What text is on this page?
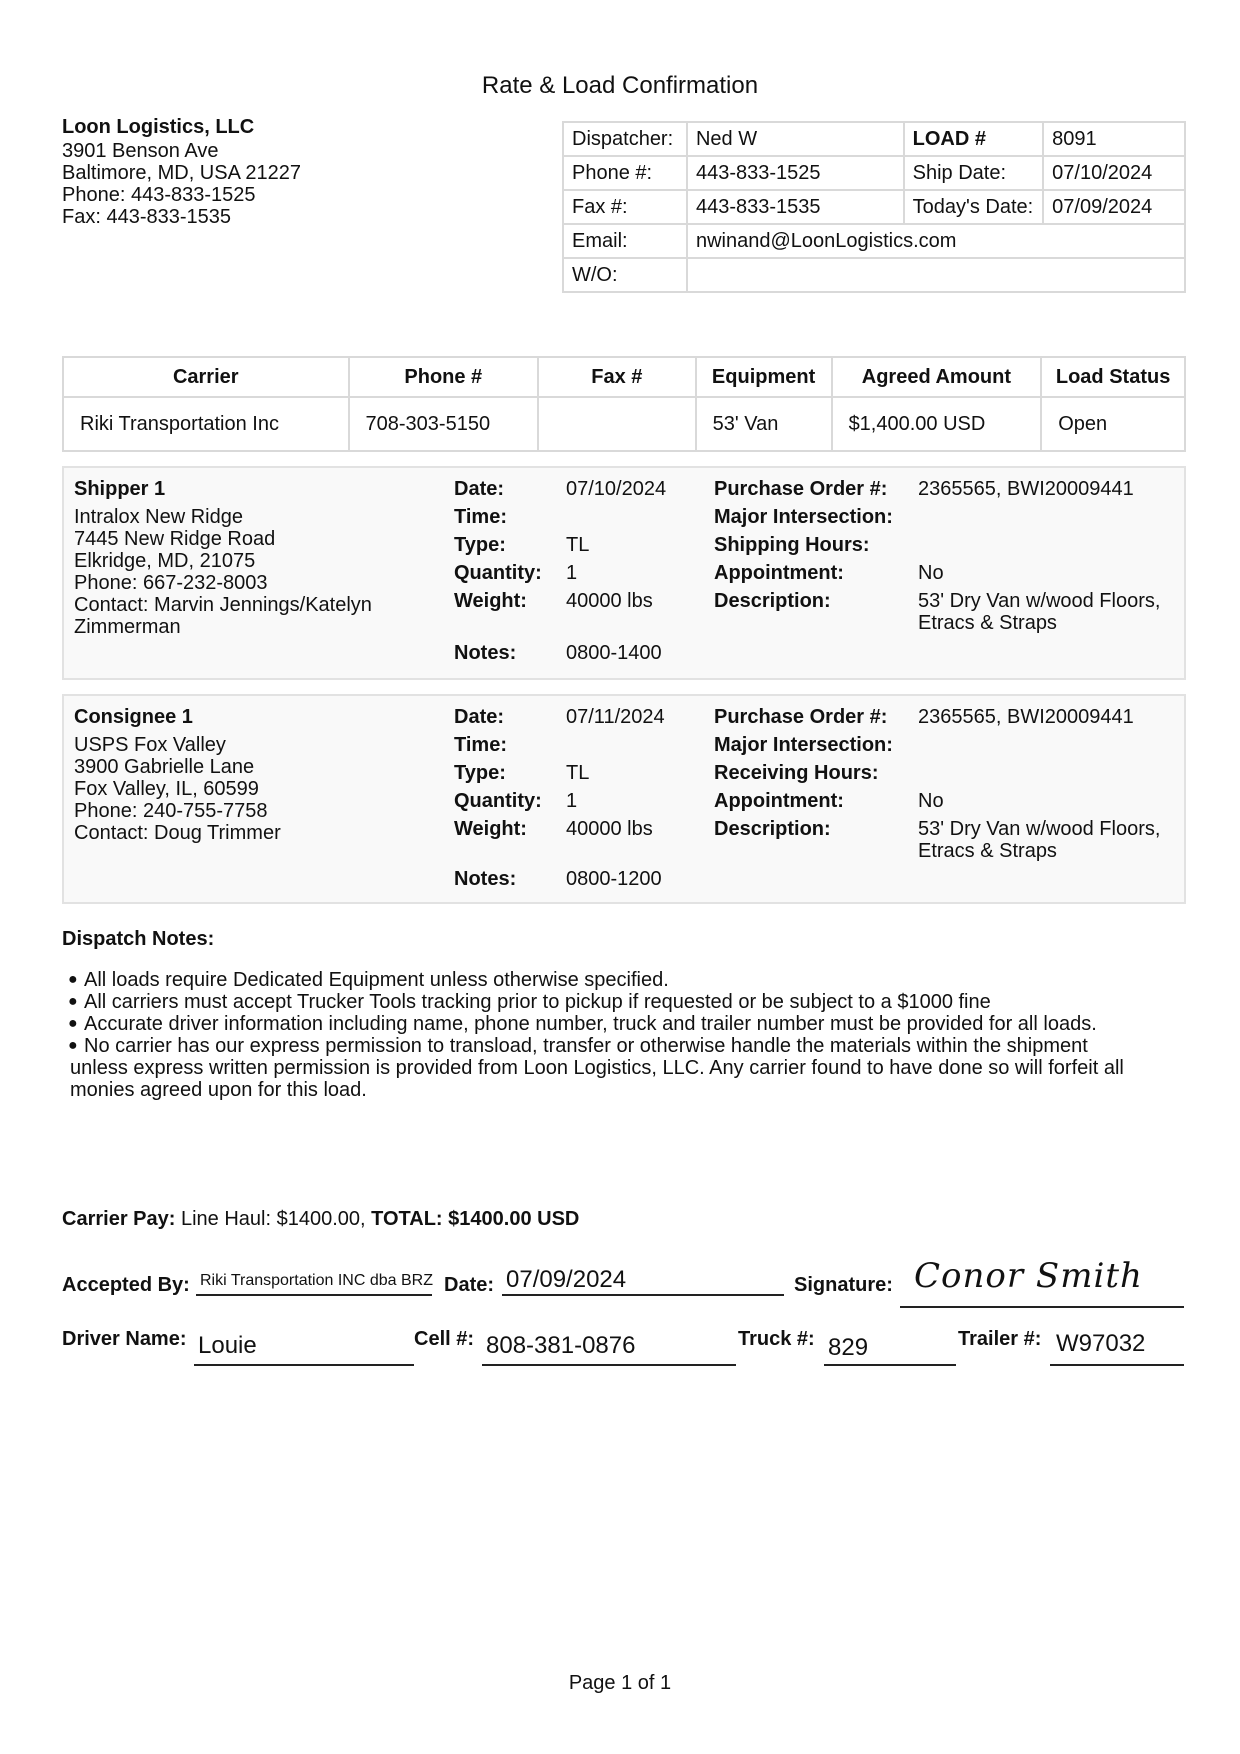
Rate & Load Confirmation
Loon Logistics, LLC
3901 Benson Ave
Baltimore, MD, USA 21227
Phone: 443-833-1525
Fax: 443-833-1535
Dispatcher:	Ned W	LOAD #	8091
Phone #:	443-833-1525	Ship Date:	07/10/2024
Fax #:	443-833-1535	Today's Date:	07/09/2024
Email:	nwinand@LoonLogistics.com		
W/O:			
Carrier	Phone #	Fax #	Equipment	Agreed Amount	Load Status
Riki Transportation Inc	708-303-5150		53' Van	$1,400.00 USD	Open
Shipper 1
Intralox New Ridge
7445 New Ridge Road
Elkridge, MD, 21075
Phone: 667-232-8003
Contact: Marvin Jennings/Katelyn
Zimmerman
Date:	07/10/2024
Time:
Type:	TL
Quantity: 1
Weight: 40000 lbs
Notes: 0800-1400
Purchase Order #: 2365565, BWI20009441
Major Intersection:
Shipping Hours:
Appointment:	No
Description:	53' Dry Van w/wood Floors,
Etracs & Straps
Consignee 1
USPS Fox Valley
3900 Gabrielle Lane
Fox Valley, IL, 60599
Phone: 240-755-7758
Contact: Doug Trimmer
Date:	07/11/2024
Time:
Type:	TL
Quantity: 1
Weight: 40000 lbs
Notes: 0800-1200
Purchase Order #: 2365565, BWI20009441
Major Intersection:
Receiving Hours:
Appointment:	No
Description:	53' Dry Van w/wood Floors,
Etracs & Straps
Dispatch Notes:
● All loads require Dedicated Equipment unless otherwise specified.
● All carriers must accept Trucker Tools tracking prior to pickup if requested or be subject to a $1000 fine
● Accurate driver information including name, phone number, truck and trailer number must be provided for all loads.
● No carrier has our express permission to transload, transfer or otherwise handle the materials within the shipment
unless express written permission is provided from Loon Logistics, LLC. Any carrier found to have done so will forfeit all
monies agreed upon for this load.
Carrier Pay: Line Haul: $1400.00, TOTAL: $1400.00 USD
Accepted By: Riki Transportation INC dba BRZ Date: 07/09/2024	Signature: Conor Smith
Driver Name: Louie	Cell #: 808-381-0876	Truck #: 829	Trailer #: W97032
Page 1 of 1
